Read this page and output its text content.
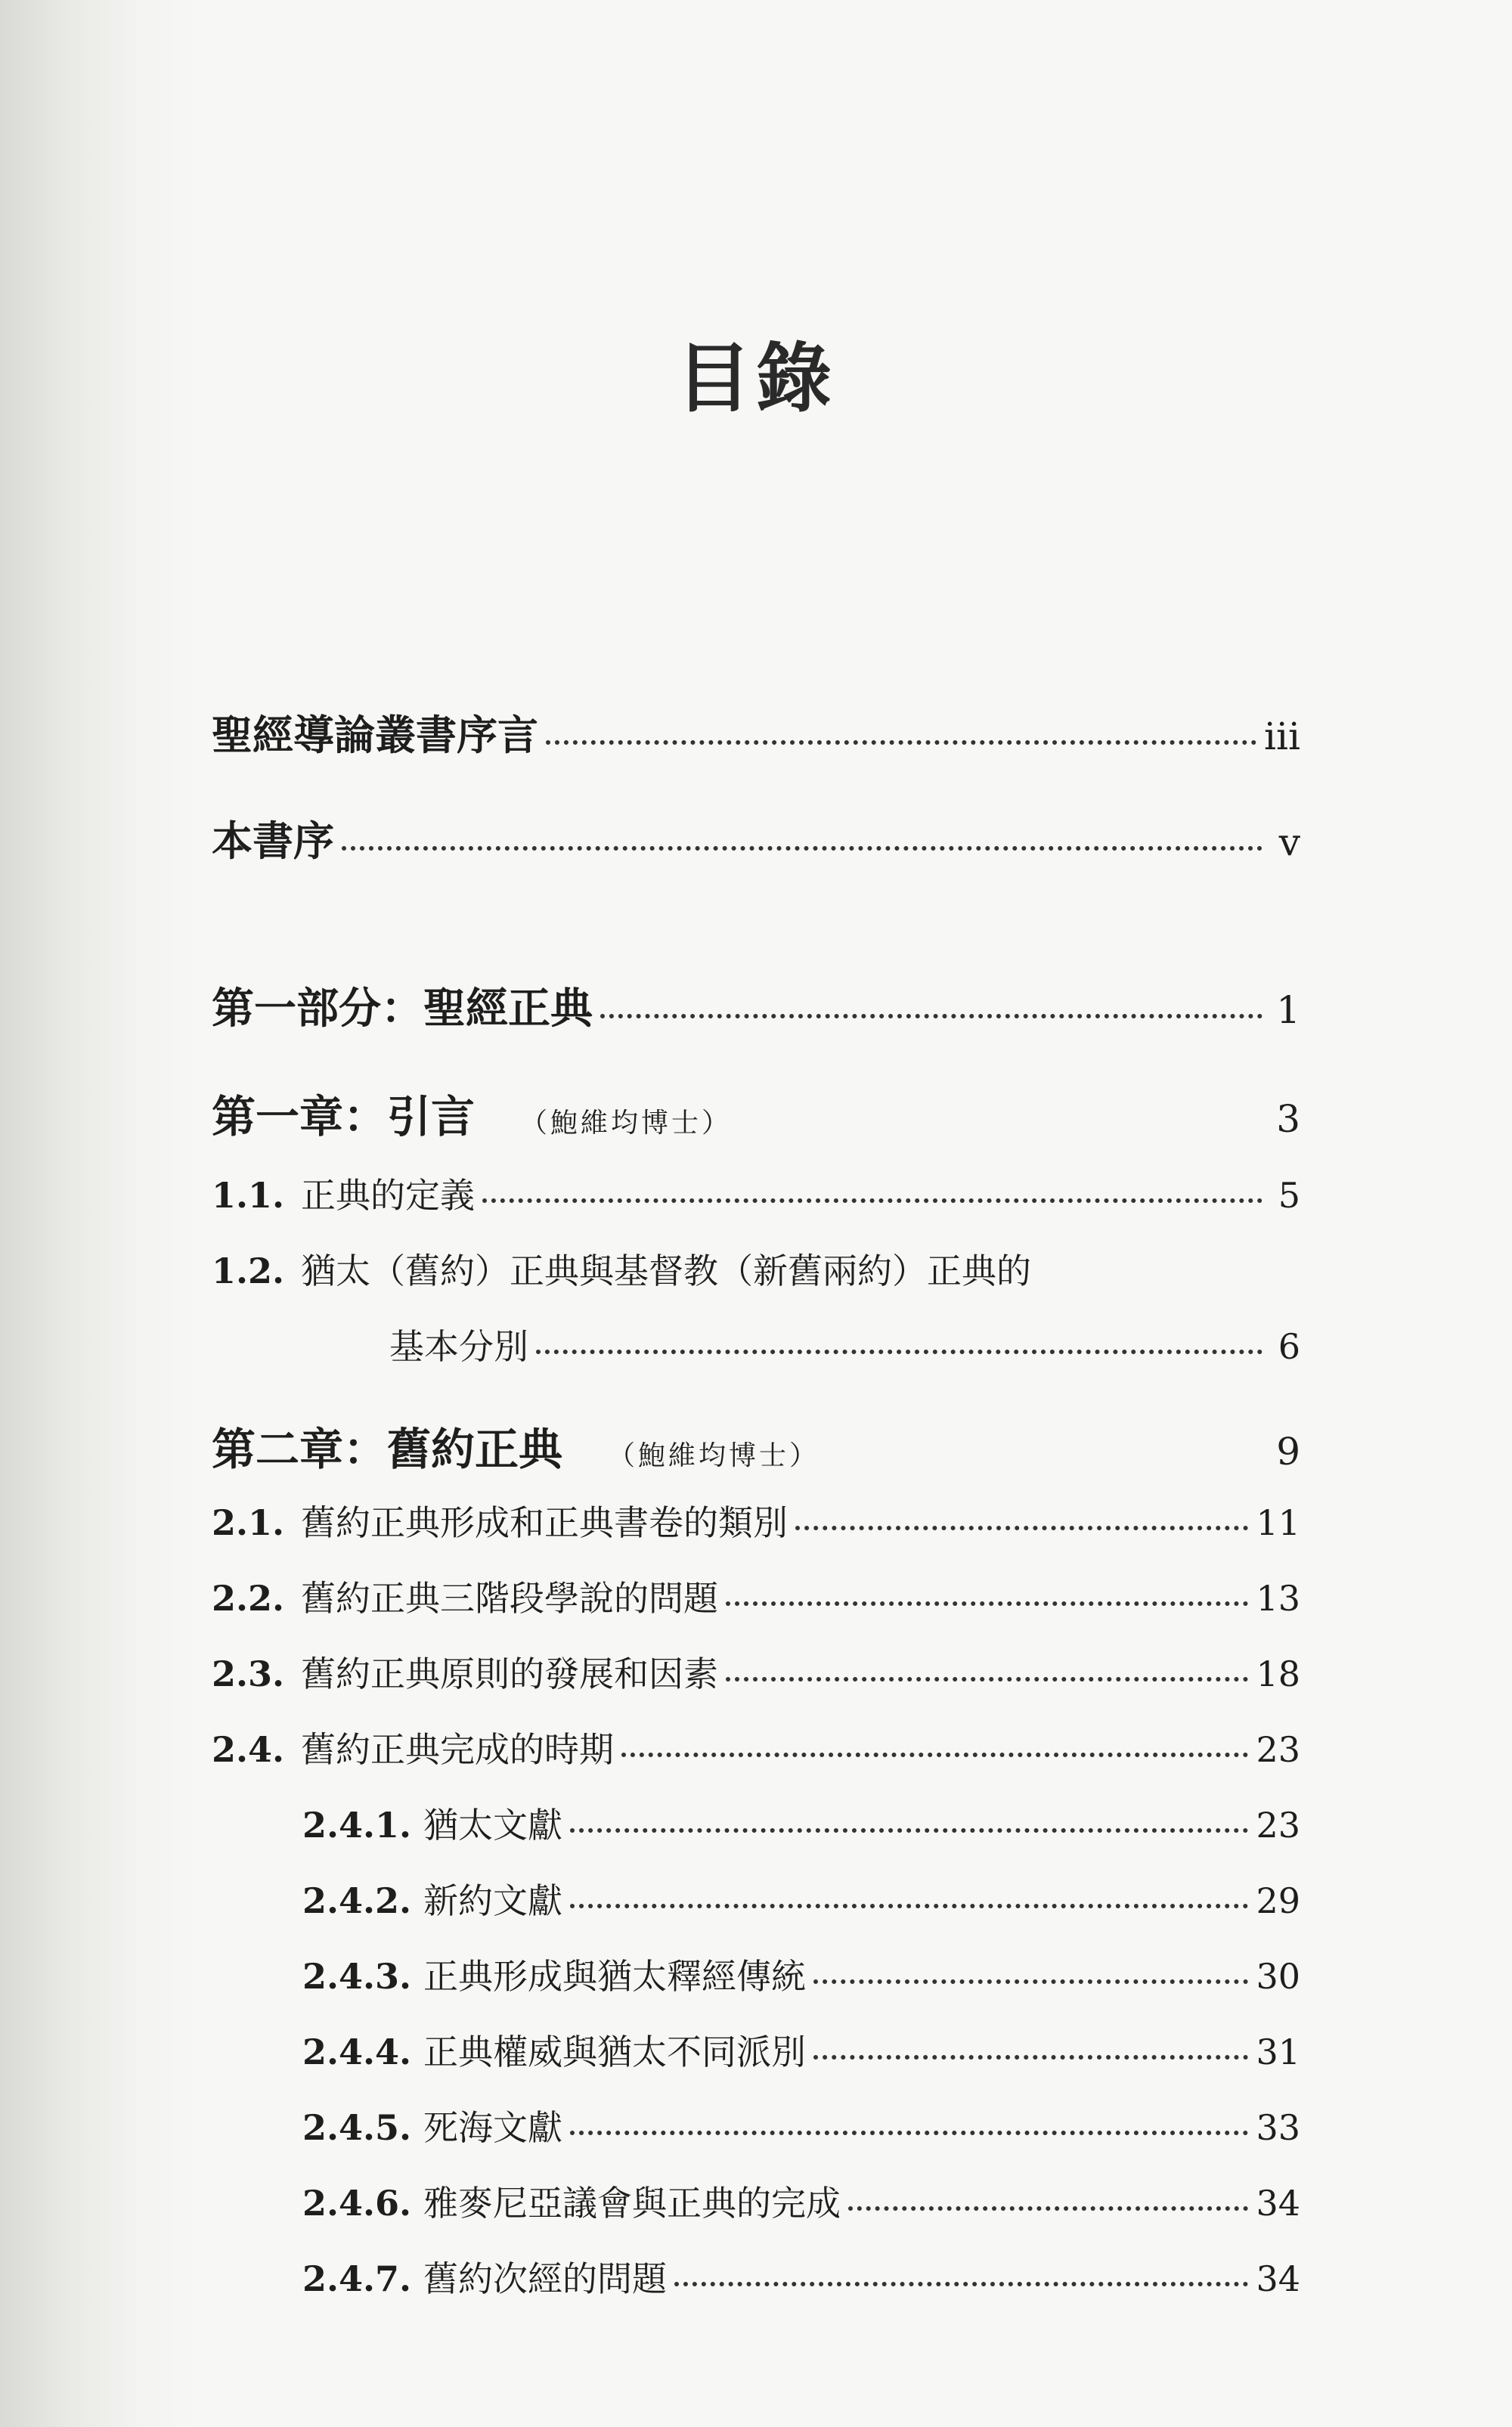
目錄
聖經導論叢書序言	iii
本書序	v
第一部分：聖經正典	1
第一章：引言 （鮑維均博士）	3
1.1. 正典的定義	5
1.2. 猶太（舊約）正典與基督教（新舊兩約）正典的
基本分別	6
第二章：舊約正典 （鮑維均博士）	9
2.1. 舊約正典形成和正典書卷的類別	11
2.2. 舊約正典三階段學說的問題	13
2.3. 舊約正典原則的發展和因素	18
2.4. 舊約正典完成的時期	23
2.4.1. 猶太文獻	23
2.4.2. 新約文獻	29
2.4.3. 正典形成與猶太釋經傳統	30
2.4.4. 正典權威與猶太不同派別	31
2.4.5. 死海文獻	33
2.4.6. 雅麥尼亞議會與正典的完成	34
2.4.7. 舊約次經的問題	34
